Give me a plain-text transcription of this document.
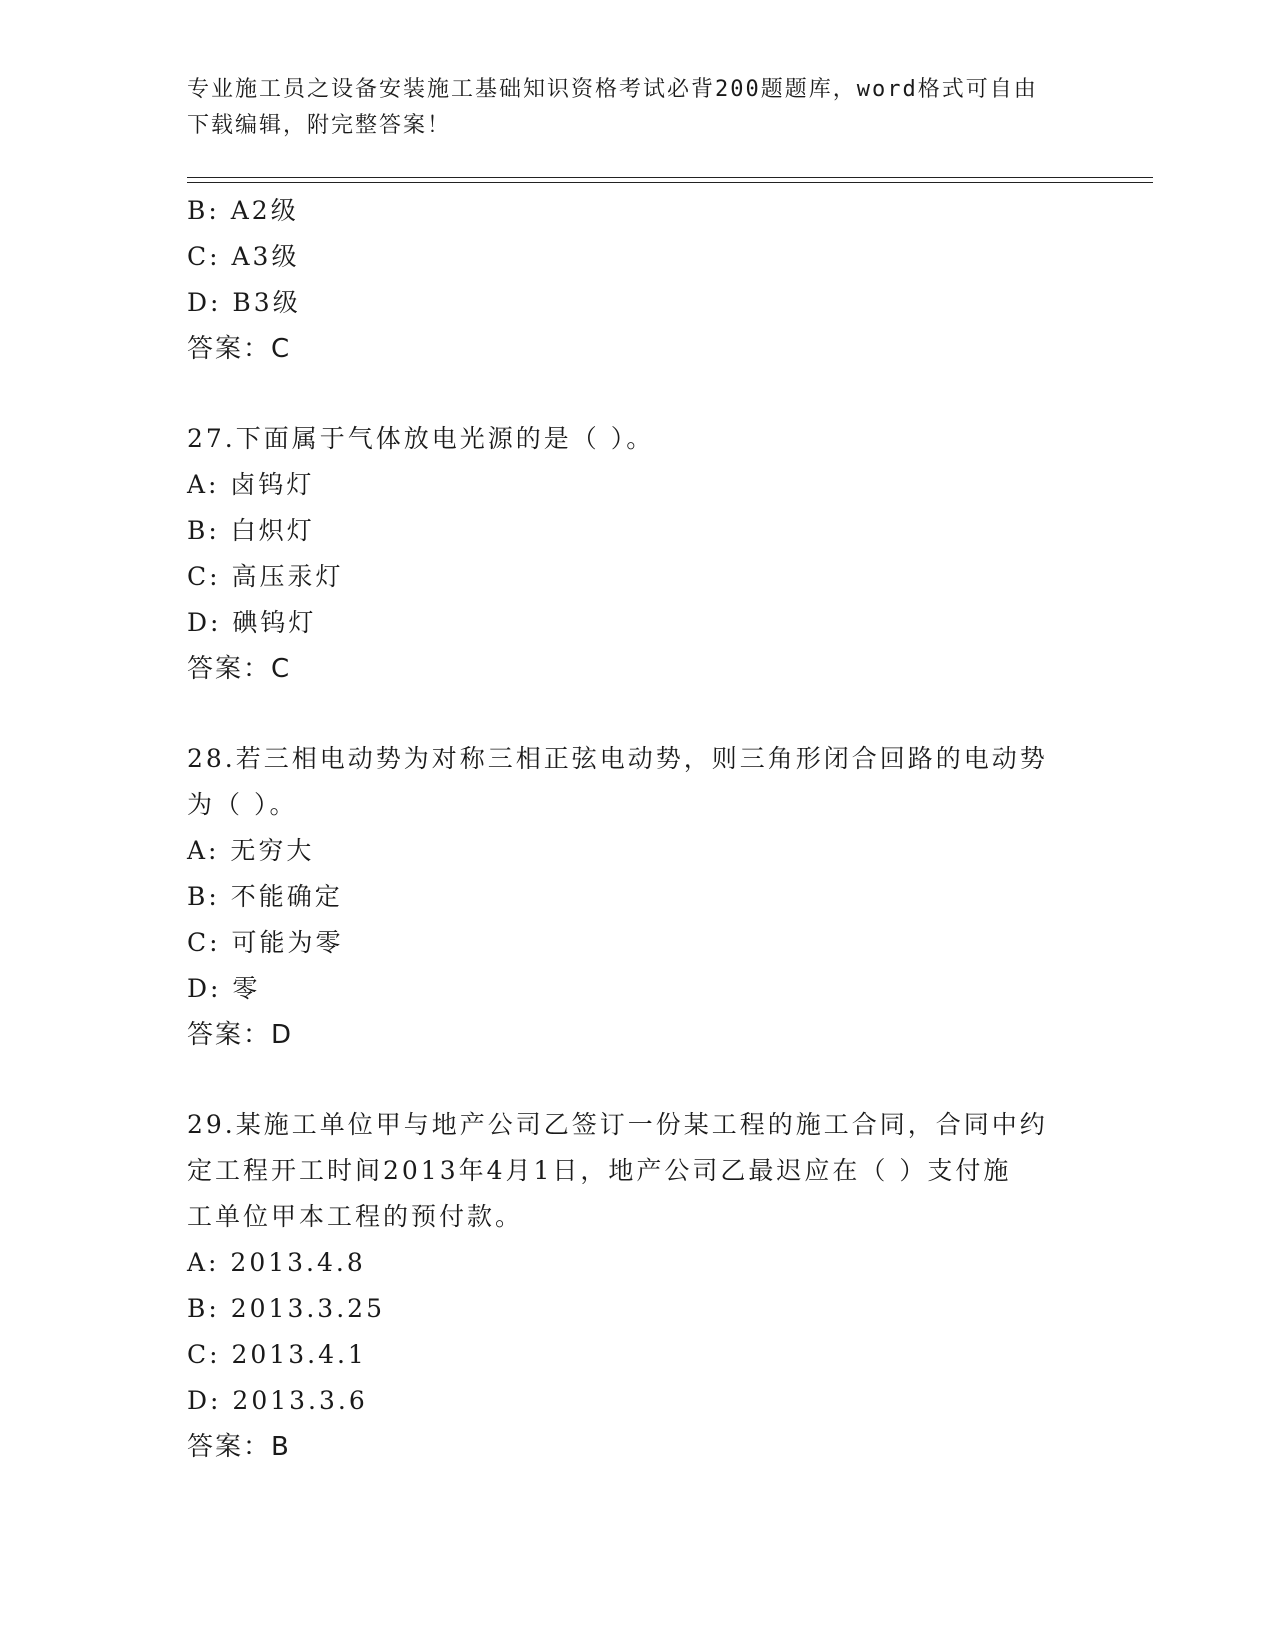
专业施工员之设备安装施工基础知识资格考试必背200题题库，word格式可自由
下载编辑，附完整答案！
B: A2级
C: A3级
D: B3级
答案：C
27.下面属于气体放电光源的是（ ）。
A: 卤钨灯
B: 白炽灯
C: 高压汞灯
D: 碘钨灯
答案：C
28.若三相电动势为对称三相正弦电动势，则三角形闭合回路的电动势
为（ ）。
A: 无穷大
B: 不能确定
C: 可能为零
D: 零
答案：D
29.某施工单位甲与地产公司乙签订一份某工程的施工合同，合同中约
定工程开工时间2013年4月1日，地产公司乙最迟应在（ ）支付施
工单位甲本工程的预付款。
A: 2013.4.8
B: 2013.3.25
C: 2013.4.1
D: 2013.3.6
答案：B
